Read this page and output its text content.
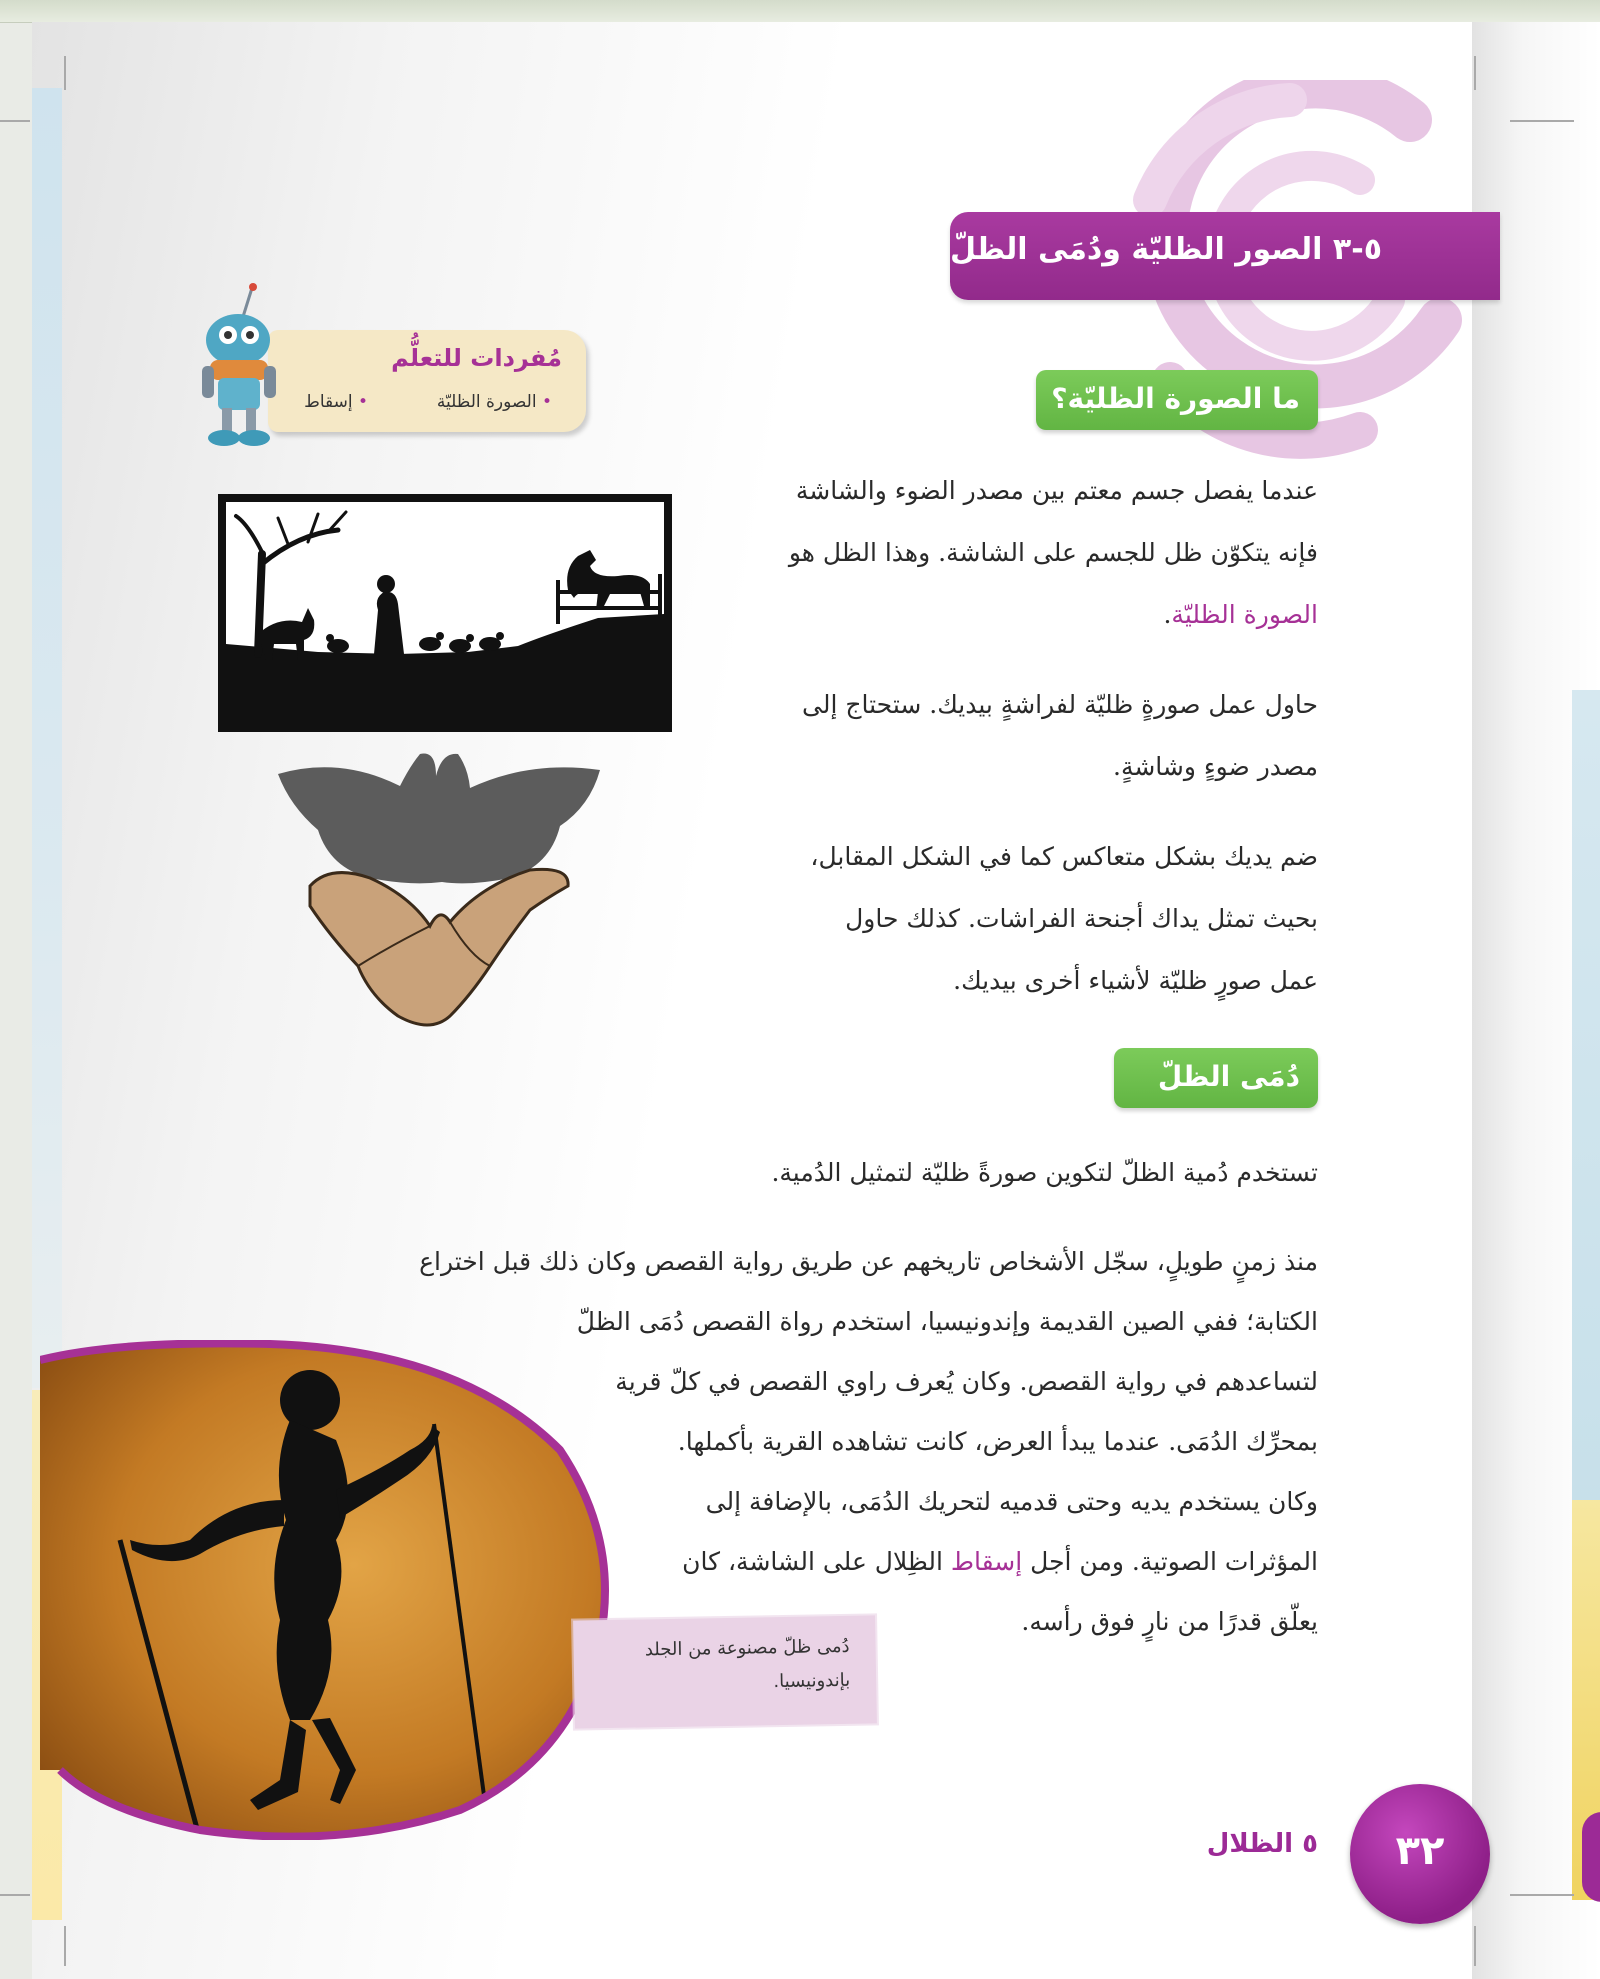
٥-٣ الصور الظليّة ودُمَى الظلّ
مُفردات للتعلُّم
• الصورة الظليّة
• إسقاط	ما الصورة الظليّة؟
عندما يفصل جسم معتم بين مصدر الضوء والشاشة
فإنه يتكوّن ظل للجسم على الشاشة. وهذا الظل هو
الصورة الظليّة.
حاول عمل صورةٍ ظليّة لفراشةٍ بيديك. ستحتاج إلى
مصدر ضوءٍ وشاشةٍ.
ضم يديك بشكل متعاكس كما في الشكل المقابل،
بحيث تمثل يداك أجنحة الفراشات. كذلك حاول
عمل صورٍ ظليّة لأشياء أخرى بيديك.
دُمَى الظلّ
تستخدم دُمية الظلّ لتكوين صورةً ظليّة لتمثيل الدُمية.
منذ زمنٍ طويلٍ، سجّل الأشخاص تاريخهم عن طريق رواية القصص وكان ذلك قبل اختراع
الكتابة؛ ففي الصين القديمة وإندونيسيا، استخدم رواة القصص دُمَى الظلّ
لتساعدهم في رواية القصص. وكان يُعرف راوي القصص في كلّ قرية
بمحرِّك الدُمَى. عندما يبدأ العرض، كانت تشاهده القرية بأكملها.
وكان يستخدم يديه وحتى قدميه لتحريك الدُمَى، بالإضافة إلى
المؤثرات الصوتية. ومن أجل إسقاط الظِلال على الشاشة، كان
يعلّق قدرًا من نارٍ فوق رأسه.
دُمى ظلّ مصنوعة من الجلد
بإندونيسيا.
٥ الظلال	٣٢
